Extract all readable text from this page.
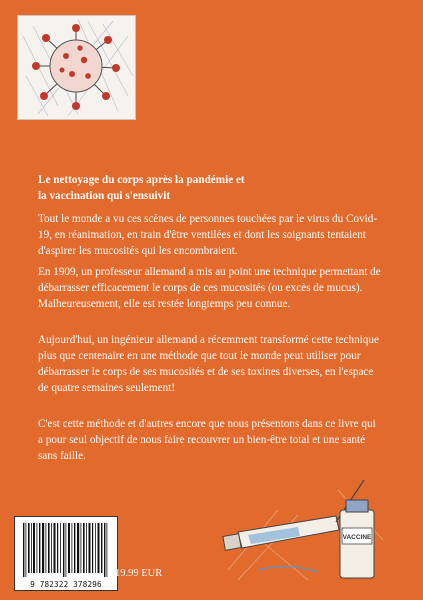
Le nettoyage du corps après la pandémie et
la vaccination qui s'ensuivit

Tout le monde a vu ces scènes de personnes touchées par le virus du Covid-19, en réanimation, en train d'être ventilées et dont les soignants tentaient d'aspirer les mucosités qui les encombraient.

En 1909, un professeur allemand a mis au point une technique permettant de débarrasser efficacement le corps de ces mucosités (ou excès de mucus). Malheureusement, elle est restée longtemps peu connue.

Aujourd'hui, un ingénieur allemand a récemment transformé cette technique plus que centenaire en une méthode que tout le monde peut utiliser pour débarrasser le corps de ses mucosités et de ses toxines diverses, en l'espace de quatre semaines seulement!

C'est cette méthode et d'autres encore que nous présentons dans ce livre qui a pour seul objectif de nous faire recouvrer un bien-être total et une santé sans faille.

VACCINE
9 782322 378296
19.99 EUR
